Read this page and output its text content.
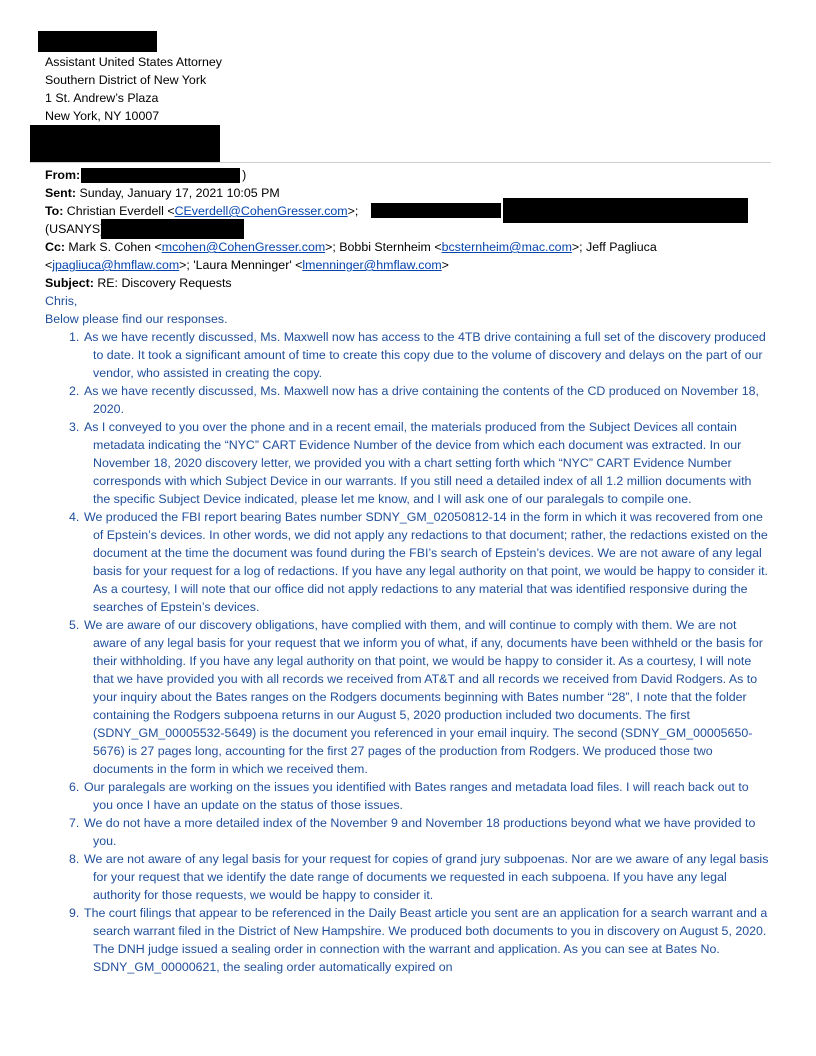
Assistant United States Attorney
Southern District of New York
1 St. Andrew’s Plaza
New York, NY 10007
From:	)
Sent: Sunday, January 17, 2021 10:05 PM
To: Christian Everdell <CEverdell@CohenGresser.com>;
(USANYS)
Cc: Mark S. Cohen <mcohen@CohenGresser.com>; Bobbi Sternheim <bcsternheim@mac.com>; Jeff Pagliuca
<jpagliuca@hmflaw.com>; 'Laura Menninger' <lmenninger@hmflaw.com>
Subject: RE: Discovery Requests

Chris,

Below please find our responses.

1. As we have recently discussed, Ms. Maxwell now has access to the 4TB drive containing a full set of the discovery produced to date. It took a significant amount of time to create this copy due to the volume of discovery and delays on the part of our vendor, who assisted in creating the copy.
2. As we have recently discussed, Ms. Maxwell now has a drive containing the contents of the CD produced on November 18, 2020.
3. As I conveyed to you over the phone and in a recent email, the materials produced from the Subject Devices all contain metadata indicating the “NYC” CART Evidence Number of the device from which each document was extracted. In our November 18, 2020 discovery letter, we provided you with a chart setting forth which “NYC” CART Evidence Number corresponds with which Subject Device in our warrants. If you still need a detailed index of all 1.2 million documents with the specific Subject Device indicated, please let me know, and I will ask one of our paralegals to compile one.
4. We produced the FBI report bearing Bates number SDNY_GM_02050812-14 in the form in which it was recovered from one of Epstein’s devices. In other words, we did not apply any redactions to that document; rather, the redactions existed on the document at the time the document was found during the FBI’s search of Epstein’s devices. We are not aware of any legal basis for your request for a log of redactions. If you have any legal authority on that point, we would be happy to consider it. As a courtesy, I will note that our office did not apply redactions to any material that was identified responsive during the searches of Epstein’s devices.
5. We are aware of our discovery obligations, have complied with them, and will continue to comply with them. We are not aware of any legal basis for your request that we inform you of what, if any, documents have been withheld or the basis for their withholding. If you have any legal authority on that point, we would be happy to consider it. As a courtesy, I will note that we have provided you with all records we received from AT&T and all records we received from David Rodgers. As to your inquiry about the Bates ranges on the Rodgers documents beginning with Bates number “28”, I note that the folder containing the Rodgers subpoena returns in our August 5, 2020 production included two documents. The first (SDNY_GM_00005532-5649) is the document you referenced in your email inquiry. The second (SDNY_GM_00005650-5676) is 27 pages long, accounting for the first 27 pages of the production from Rodgers. We produced those two documents in the form in which we received them.
6. Our paralegals are working on the issues you identified with Bates ranges and metadata load files. I will reach back out to you once I have an update on the status of those issues.
7. We do not have a more detailed index of the November 9 and November 18 productions beyond what we have provided to you.
8. We are not aware of any legal basis for your request for copies of grand jury subpoenas. Nor are we aware of any legal basis for your request that we identify the date range of documents we requested in each subpoena. If you have any legal authority for those requests, we would be happy to consider it.
9. The court filings that appear to be referenced in the Daily Beast article you sent are an application for a search warrant and a search warrant filed in the District of New Hampshire. We produced both documents to you in discovery on August 5, 2020. The DNH judge issued a sealing order in connection with the warrant and application. As you can see at Bates No. SDNY_GM_00000621, the sealing order automatically expired on
